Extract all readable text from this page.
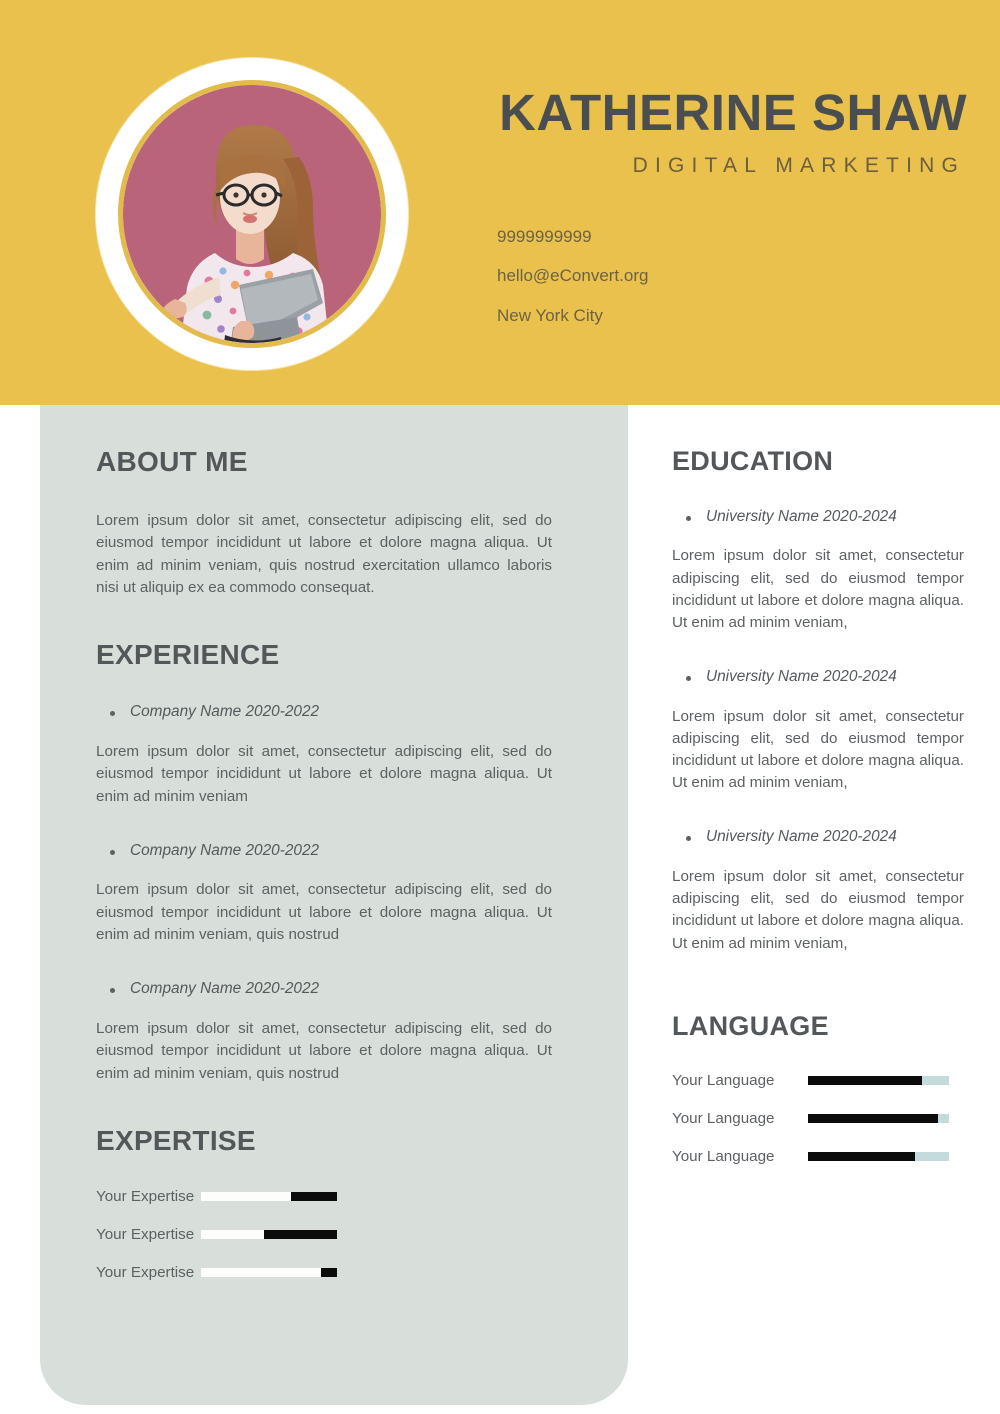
KATHERINE SHAW
DIGITAL MARKETING
9999999999
hello@eConvert.org
New York City
ABOUT ME

Lorem ipsum dolor sit amet, consectetur adipiscing elit, sed do eiusmod tempor incididunt ut labore et dolore magna aliqua. Ut enim ad minim veniam, quis nostrud exercitation ullamco laboris nisi ut aliquip ex ea commodo consequat.

EXPERIENCE
Company Name 2020-2022

Lorem ipsum dolor sit amet, consectetur adipiscing elit, sed do eiusmod tempor incididunt ut labore et dolore magna aliqua. Ut enim ad minim veniam

Company Name 2020-2022

Lorem ipsum dolor sit amet, consectetur adipiscing elit, sed do eiusmod tempor incididunt ut labore et dolore magna aliqua. Ut enim ad minim veniam, quis nostrud

Company Name 2020-2022

Lorem ipsum dolor sit amet, consectetur adipiscing elit, sed do eiusmod tempor incididunt ut labore et dolore magna aliqua. Ut enim ad minim veniam, quis nostrud

EXPERTISE
Your Expertise
Your Expertise
Your Expertise
EDUCATION
University Name 2020-2024

Lorem ipsum dolor sit amet, consectetur adipiscing elit, sed do eiusmod tempor incididunt ut labore et dolore magna aliqua. Ut enim ad minim veniam,

University Name 2020-2024

Lorem ipsum dolor sit amet, consectetur adipiscing elit, sed do eiusmod tempor incididunt ut labore et dolore magna aliqua. Ut enim ad minim veniam,

University Name 2020-2024

Lorem ipsum dolor sit amet, consectetur adipiscing elit, sed do eiusmod tempor incididunt ut labore et dolore magna aliqua. Ut enim ad minim veniam,

LANGUAGE
Your Language
Your Language
Your Language
